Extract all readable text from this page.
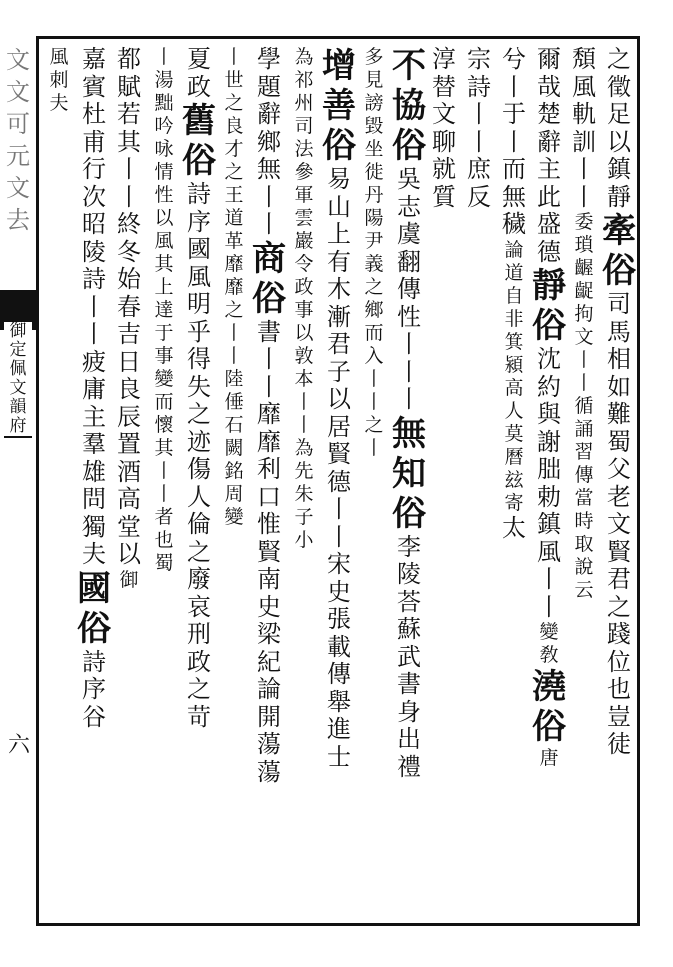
文
文
可
元
文
去
御
定
佩
文
韻
府
六
之
徵
足
以
鎮
靜
牽
俗
司
馬
相
如
難
蜀
父
老
文
賢
君
之
踐
位
也
豈
徒
頽
風
軌
訓
丨
丨
委
瑣
齷
齪
拘
文
丨
丨
循
誦
習
傳
當
時
取
說
云
爾
哉
楚
辭
主
此
盛
德
靜
俗
沈
約
與
謝
朏
勅
鎮
風
丨
丨
變
敎
澆
俗
唐
兮
丨
于
丨
而
無
穢
論
道
自
非
箕
潁
高
人
莫
曆
玆
寄
太
宗
詩
丨
丨
庶
反
淳
替
文
聊
就
質
不
協
俗
吳
志
虞
翻
傳
性
丨
丨
丨
無
知
俗
李
陵
荅
蘇
武
書
身
出
禮
多
見
謗
毀
坐
徙
丹
陽
尹
義
之
鄉
而
入
丨
丨
之
丨
增
善
俗
易
山
上
有
木
漸
君
子
以
居
賢
德
丨
丨
宋
史
張
載
傳
舉
進
士
為
祁
州
司
法
參
軍
雲
巖
令
政
事
以
敦
本
丨
丨
為
先
朱
子
小
學
題
辭
鄉
無
丨
丨
商
俗
書
丨
丨
靡
靡
利
口
惟
賢
南
史
梁
紀
論
開
蕩
蕩
丨
世
之
良
才
之
王
道
革
靡
靡
之
丨
丨
陸
倕
石
闕
銘
周
變
夏
政
舊
俗
詩
序
國
風
明
乎
得
失
之
迹
傷
人
倫
之
廢
哀
刑
政
之
苛
丨
湯
黜
吟
咏
情
性
以
風
其
上
達
于
事
變
而
懷
其
丨
丨
者
也
蜀
都
賦
若
其
丨
丨
終
冬
始
春
吉
日
良
辰
置
酒
高
堂
以
御
嘉
賓
杜
甫
行
次
昭
陵
詩
丨
丨
疲
庸
主
羣
雄
問
獨
夫
國
俗
詩
序
谷
風
刺
夫
